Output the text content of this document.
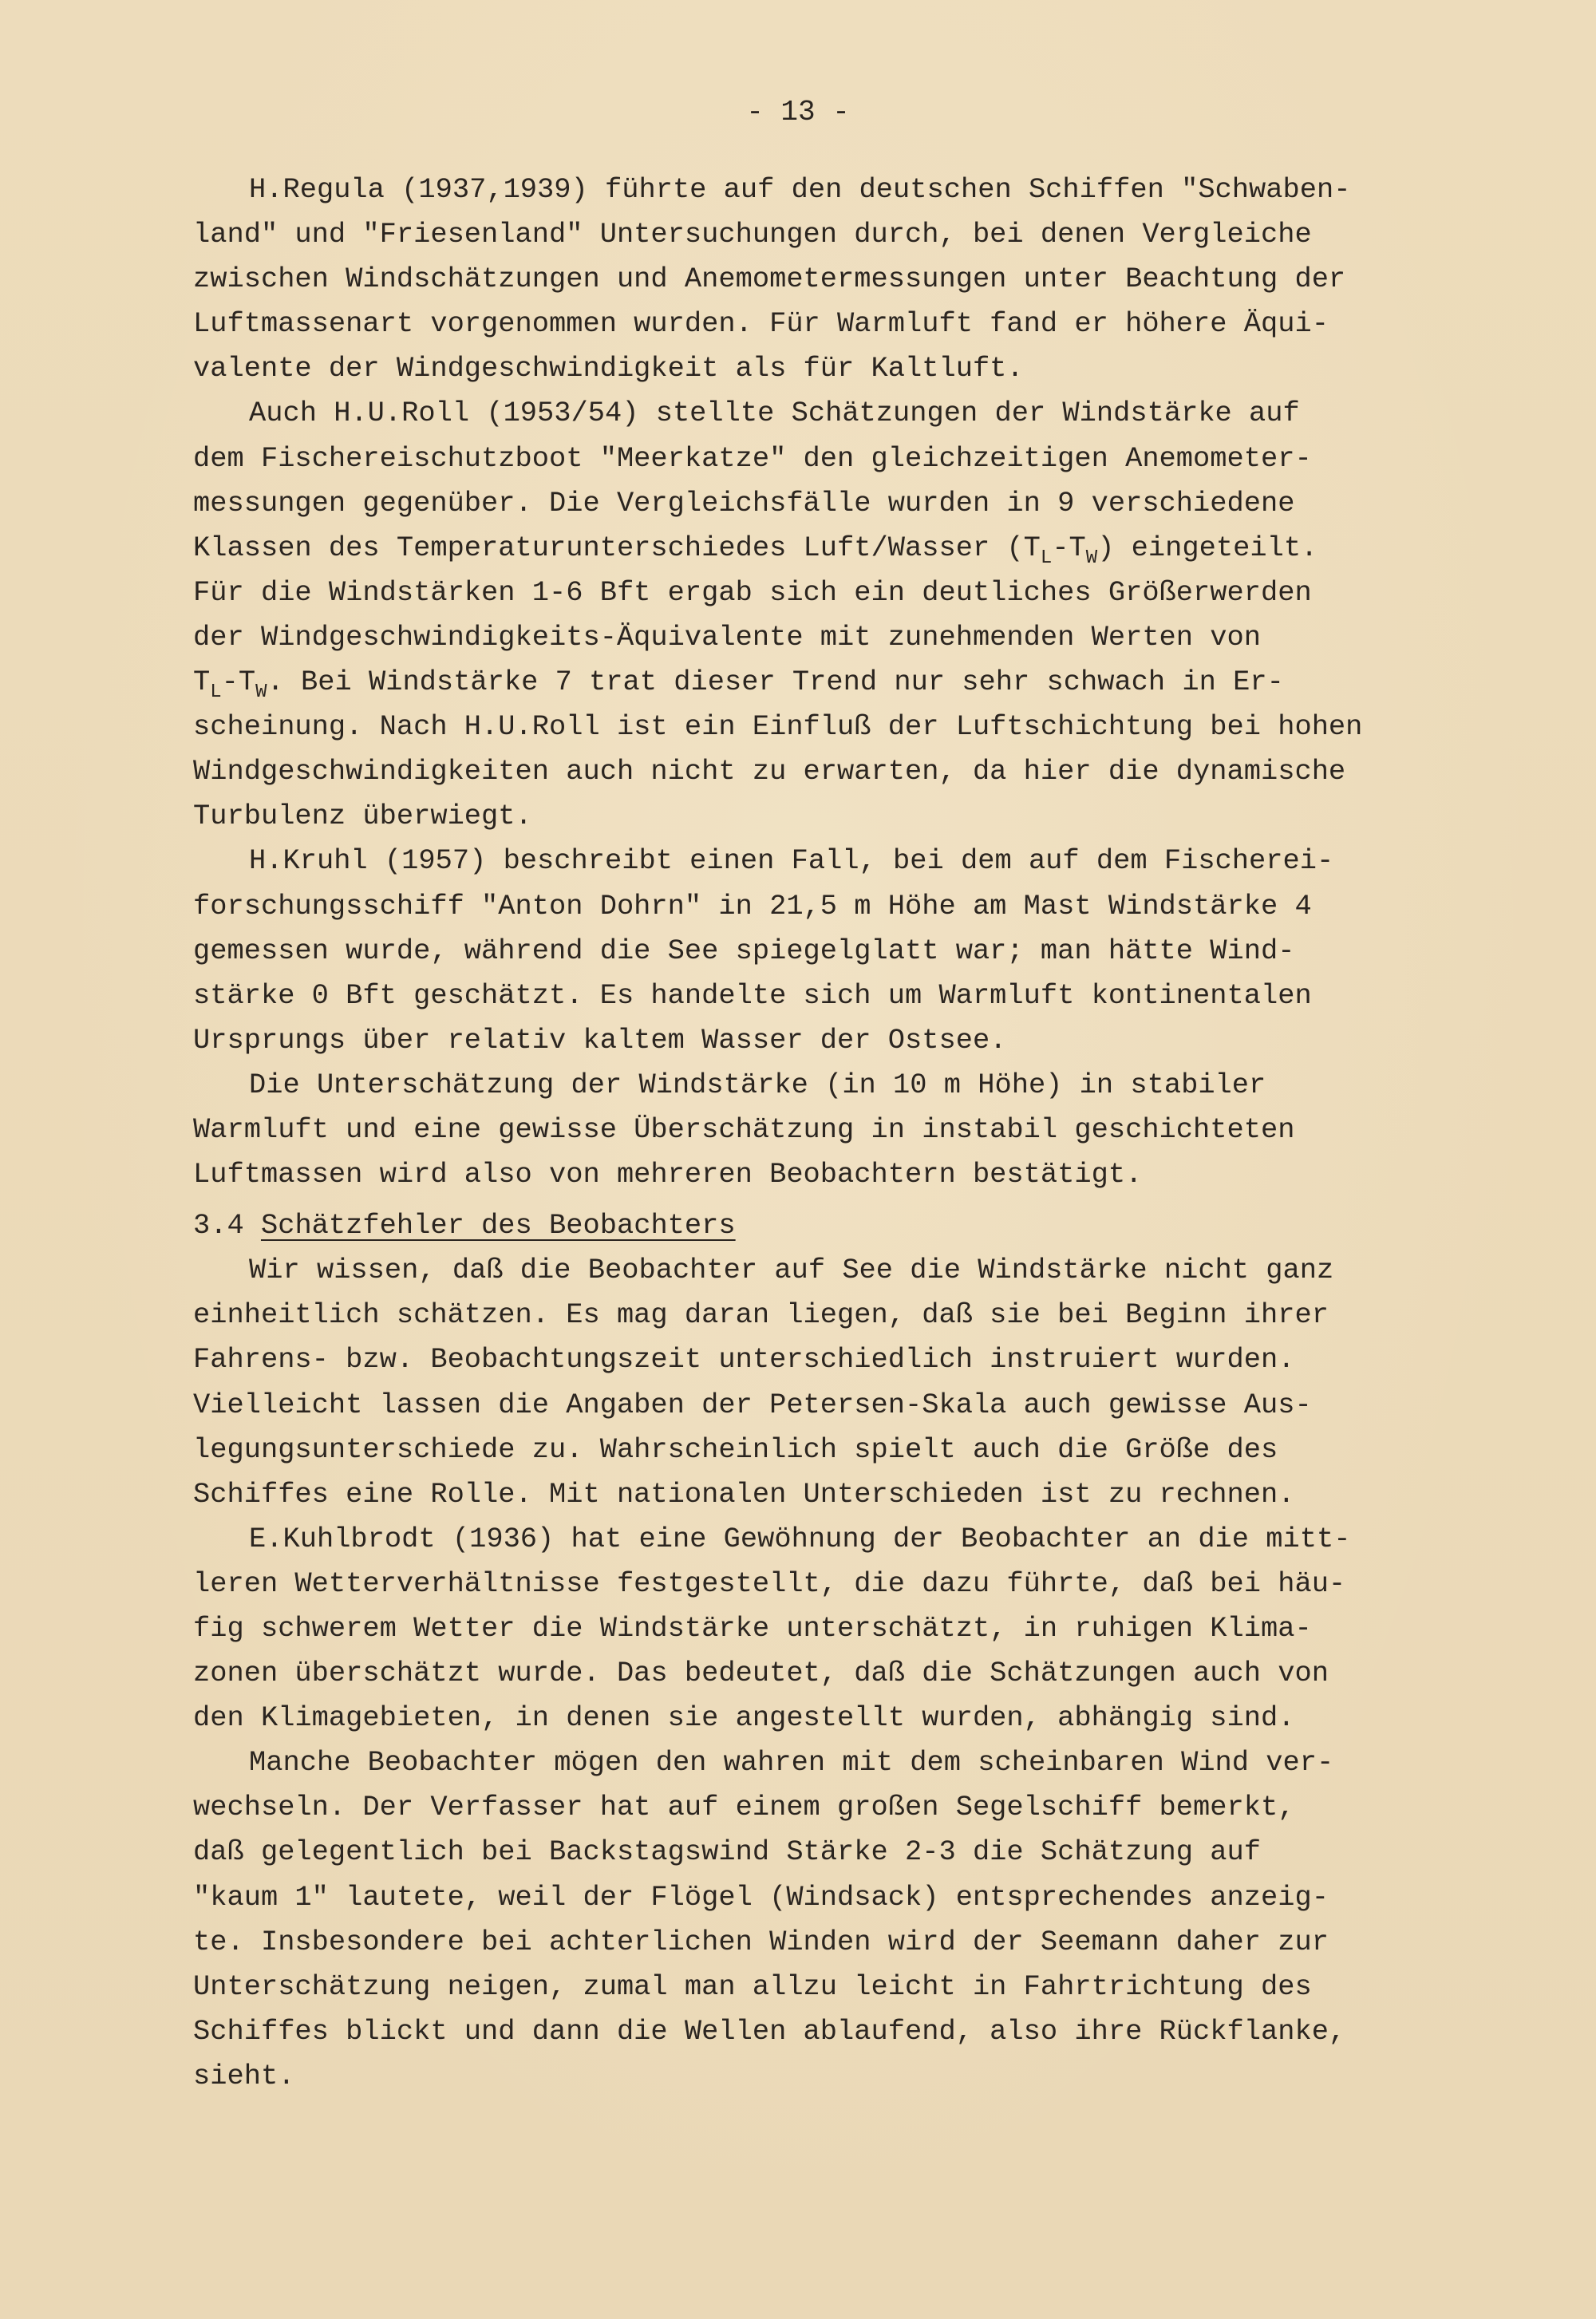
- 13 -
H.Regula (1937,1939) führte auf den deutschen Schiffen "Schwaben-
land" und "Friesenland" Untersuchungen durch, bei denen Vergleiche
zwischen Windschätzungen und Anemometermessungen unter Beachtung der
Luftmassenart vorgenommen wurden. Für Warmluft fand er höhere Äqui-
valente der Windgeschwindigkeit als für Kaltluft.
Auch H.U.Roll (1953/54) stellte Schätzungen der Windstärke auf
dem Fischereischutzboot "Meerkatze" den gleichzeitigen Anemometer-
messungen gegenüber. Die Vergleichsfälle wurden in 9 verschiedene
Klassen des Temperaturunterschiedes Luft/Wasser $(T_L-T_W)$ eingeteilt.
Für die Windstärken 1-6 Bft ergab sich ein deutliches Größerwerden
der Windgeschwindigkeits-Äquivalente mit zunehmenden Werten von
$T_L-T_W$. Bei Windstärke 7 trat dieser Trend nur sehr schwach in Er-
scheinung. Nach H.U.Roll ist ein Einfluß der Luftschichtung bei hohen
Windgeschwindigkeiten auch nicht zu erwarten, da hier die dynamische
Turbulenz überwiegt.
H.Kruhl (1957) beschreibt einen Fall, bei dem auf dem Fischerei-
forschungsschiff "Anton Dohrn" in 21,5 m Höhe am Mast Windstärke 4
gemessen wurde, während die See spiegelglatt war; man hätte Wind-
stärke 0 Bft geschätzt. Es handelte sich um Warmluft kontinentalen
Ursprungs über relativ kaltem Wasser der Ostsee.
Die Unterschätzung der Windstärke (in 10 m Höhe) in stabiler
Warmluft und eine gewisse Überschätzung in instabil geschichteten
Luftmassen wird also von mehreren Beobachtern bestätigt.
3.4 Schätzfehler des Beobachters
Wir wissen, daß die Beobachter auf See die Windstärke nicht ganz
einheitlich schätzen. Es mag daran liegen, daß sie bei Beginn ihrer
Fahrens- bzw. Beobachtungszeit unterschiedlich instruiert wurden.
Vielleicht lassen die Angaben der Petersen-Skala auch gewisse Aus-
legungsunterschiede zu. Wahrscheinlich spielt auch die Größe des
Schiffes eine Rolle. Mit nationalen Unterschieden ist zu rechnen.
E.Kuhlbrodt (1936) hat eine Gewöhnung der Beobachter an die mitt-
leren Wetterverhältnisse festgestellt, die dazu führte, daß bei häu-
fig schwerem Wetter die Windstärke unterschätzt, in ruhigen Klima-
zonen überschätzt wurde. Das bedeutet, daß die Schätzungen auch von
den Klimagebieten, in denen sie angestellt wurden, abhängig sind.
Manche Beobachter mögen den wahren mit dem scheinbaren Wind ver-
wechseln. Der Verfasser hat auf einem großen Segelschiff bemerkt,
daß gelegentlich bei Backstagswind Stärke 2-3 die Schätzung auf
"kaum 1" lautete, weil der Flögel (Windsack) entsprechendes anzeig-
te. Insbesondere bei achterlichen Winden wird der Seemann daher zur
Unterschätzung neigen, zumal man allzu leicht in Fahrtrichtung des
Schiffes blickt und dann die Wellen ablaufend, also ihre Rückflanke,
sieht.
